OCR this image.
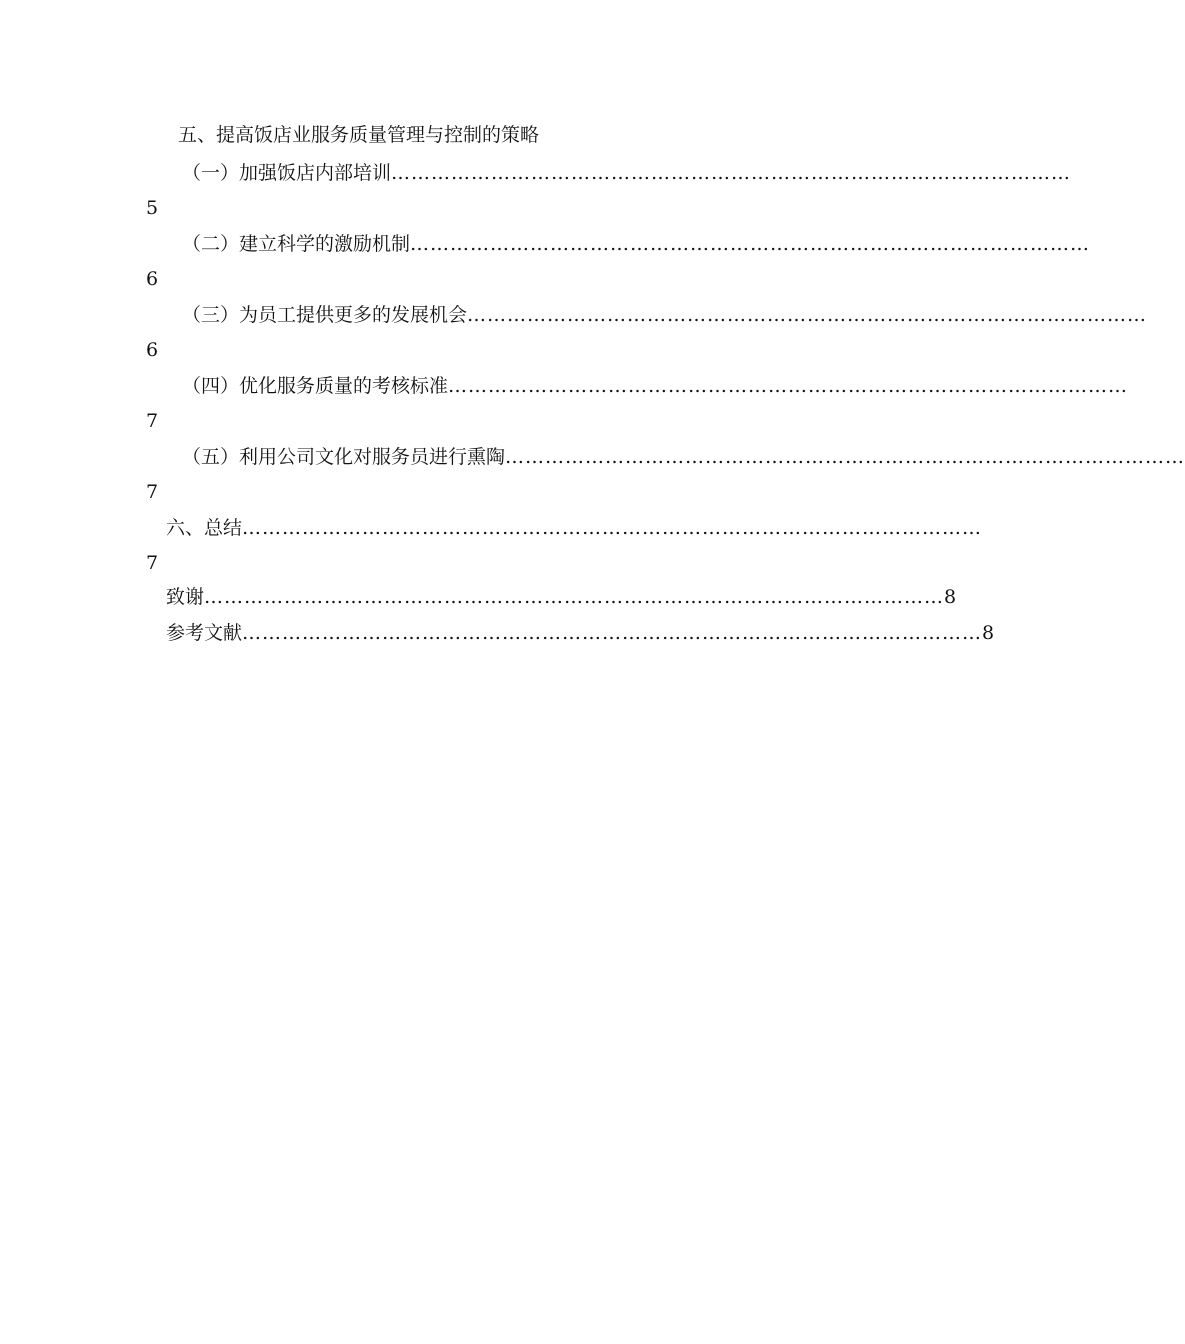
五、提高饭店业服务质量管理与控制的策略
（一）加强饭店内部培训 …………………………………………………………………………………………
5
（二）建立科学的激励机制 …………………………………………………………………………………………
6
（三）为员工提供更多的发展机会 …………………………………………………………………………………………
6
（四）优化服务质量的考核标准 …………………………………………………………………………………………
7
（五）利用公司文化对服务员进行熏陶 …………………………………………………………………………………………
7
六、总结 …………………………………………………………………………………………………
7
致谢 ………………………………………………………………………………………………… 8
参考文献 ………………………………………………………………………………………………… 8
